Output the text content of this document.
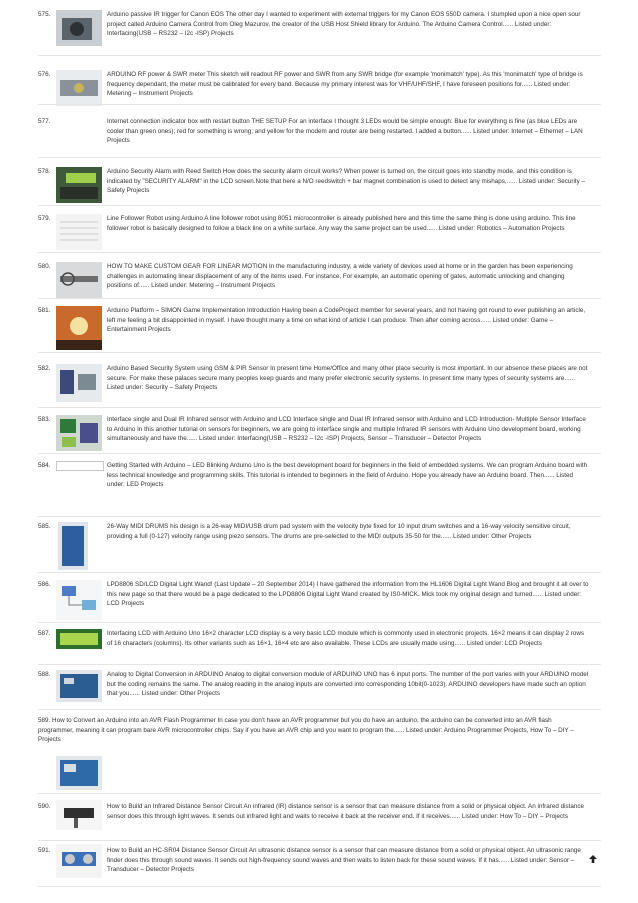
575.	Arduino passive IR trigger for Canon EOS The other day I wanted to experiment with external triggers for my Canon EOS 550D camera. I stumpled upon a nice open sour project called Arduino Camera Control from Oleg Mazurov, the creator of the USB Host Shield library for Arduino. The Arduino Camera Control...... Listed under: Interfacing(USB – RS232 – I2c -ISP) Projects
576.	ARDUINO RF power & SWR meter This sketch will readout RF power and SWR from any SWR bridge (for example 'monimatch' type). As this 'monimatch' type of bridge is frequency dependant, the meter must be calibrated for every band. Because my primary interest was for VHF/UHF/SHF, I have foreseen positions for...... Listed under: Metering – Instrument Projects
577.	Internet connection indicator box with restart button THE SETUP For an interface I thought 3 LEDs would be simple enough: Blue for everything is fine (as blue LEDs are cooler than green ones); red for something is wrong; and yellow for the modem and router are being restarted. I added a button...... Listed under: Internet – Ethernet – LAN Projects
578.	Arduino Security Alarm with Reed Switch How does the security alarm circuit works? When power is turned on, the circuit goes into standby mode, and this condition is indicated by "SECURITY ALARM" in the LCD screen.Note that here a N/O reedswitch + bar magnet combination is used to detect any mishaps,...... Listed under: Security – Safety Projects
579.	Line Follower Robot using Arduino A line follower robot using 8051 microcontroller is already published here and this time the same thing is done using arduino. This line follower robot is basically designed to follow a black line on a white surface. Any way the same project can be used...... Listed under: Robotics – Automation Projects
580.	HOW TO MAKE CUSTOM GEAR FOR LINEAR MOTION In the manufacturing industry, a wide variety of devices used at home or in the garden has been experiencing challenges in automating linear displacement of any of the items used. For instance, For example, an automatic opening of gates, automatic unlocking and changing positions of...... Listed under: Metering – Instrument Projects
581.	Arduino Platform – SIMON Game Implementation Introduction Having been a CodeProject member for several years, and not having got round to ever publishing an article, left me feeling a bit disappointed in myself. I have thought many a time on what kind of article I can produce. Then after coming across...... Listed under: Game – Entertainment Projects
582.	Arduino Based Security System using GSM & PIR Sensor In present time Home/Office and many other place security is most important. In our absence these places are not secure. For make these palaces secure many peoples keep guards and many prefer electronic security systems. In present time many types of security systems are...... Listed under: Security – Safety Projects
583.	Interface single and Dual IR Infrared sensor with Arduino and LCD Interface single and Dual IR Infrared sensor with Arduino and LCD Introduction- Multiple Sensor Interface to Arduino In this another tutorial on sensors for beginners, we are going to interface single and multiple Infrared IR sensors with Arduino Uno development board, working simultaneously and have the...... Listed under: Interfacing(USB – RS232 – I2c -ISP) Projects, Sensor – Transducer – Detector Projects
584.	Getting Started with Arduino – LED Blinking Arduino Uno is the best development board for beginners in the field of embedded systems. We can program Arduino board with less technical knowledge and programming skills. This tutorial is intended to beginners in the field of Arduino. Hope you already have an Arduino board. Then...... Listed under: LED Projects
585.	26-Way MIDI DRUMS his design is a 26-way MIDI/USB drum pad system with the velocity byte fixed for 10 input drum switches and a 16-way velocity sensitive circuit, providing a full (0-127) velocity range using piezo sensors. The drums are pre-selected to the MIDI outputs 35-50 for the...... Listed under: Other Projects
586.	LPD8806 SD/LCD Digital Light Wand! (Last Update – 20 September 2014) I have gathered the information from the HL1606 Digital Light Wand Blog and brought it all over to this new page so that there would be a page dedicated to the LPD8806 Digital Light Wand created by IS0-MICK. Mick took my original design and turned...... Listed under: LCD Projects
587.	Interfacing LCD with Arduino Uno 16×2 character LCD display is a very basic LCD module which is commonly used in electronic projects. 16×2 means it can display 2 rows of 16 characters (columns). Its other variants such as 16×1, 16×4 etc are also available. These LCDs are usually made using...... Listed under: LCD Projects
588.	Analog to Digital Conversion in ARDUINO Analog to digital conversion module of ARDUINO UNO has 6 input ports. The number of the port varies with your ARDUINO model but the coding remains the same. The analog reading in the analog inputs are converted into corresponding 10bit(0-1023). ARDUINO developers have made such an option that you...... Listed under: Other Projects
589. How to Convert an Arduino into an AVR Flash Programmer In case you don't have an AVR programmer but you do have an arduino, the arduino can be converted into an AVR flash programmer, meaning it can program bare AVR microcontroller chips. Say if you have an AVR chip and you want to program the...... Listed under: Arduino Programmer Projects, How To – DIY – Projects
590.	How to Build an Infrared Distance Sensor Circuit An infrared (IR) distance sensor is a sensor that can measure distance from a solid or physical object. An infrared distance sensor does this through light waves. It sends out infrared light and waits to receive it back at the receiver end. If it receives...... Listed under: How To – DIY – Projects
591.	How to Build an HC-SR04 Distance Sensor Circuit An ultrasonic distance sensor is a sensor that can measure distance from a solid or physical object. An ultrasonic range finder does this through sound waves. It sends out high-frequency sound waves and then waits to listen back for these sound waves. If it has...... Listed under: Sensor – Transducer – Detector Projects
